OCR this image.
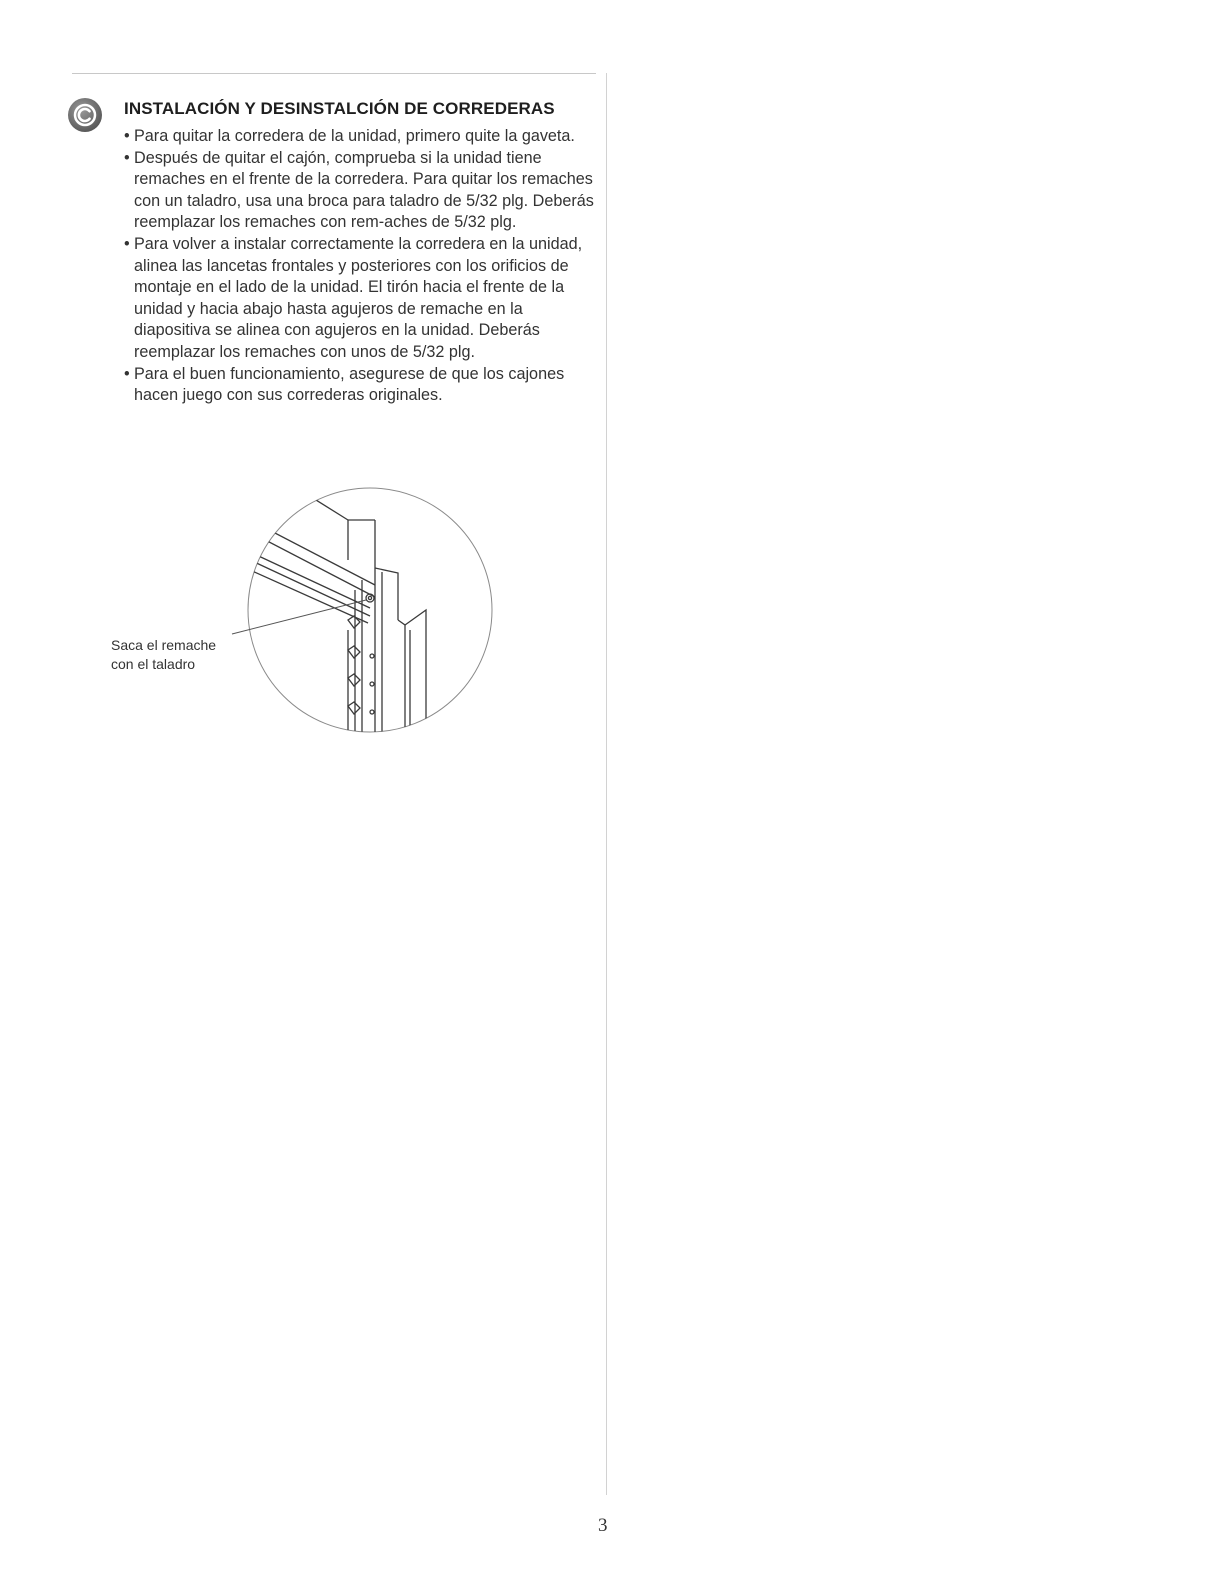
INSTALACIÓN Y DESINSTALCIÓN DE CORREDERAS
• Para quitar la corredera de la unidad, primero quite la gaveta.
• Después de quitar el cajón, comprueba si la unidad tiene remaches en el frente de la corredera. Para quitar los remaches con un taladro, usa una broca para taladro de 5/32 plg. Deberás reemplazar los remaches con rem-aches de 5/32 plg.
• Para volver a instalar correctamente la corredera en la unidad, alinea las lancetas frontales y posteriores con los orificios de montaje en el lado de la unidad. El tirón hacia el frente de la unidad y hacia abajo hasta agujeros de remache en la diapositiva se alinea con agujeros en la unidad. Deberás reemplazar los remaches con unos de 5/32 plg.
• Para el buen funcionamiento, asegurese de que los cajones hacen juego con sus correderas originales.

Saca el remache
con el taladro

3
